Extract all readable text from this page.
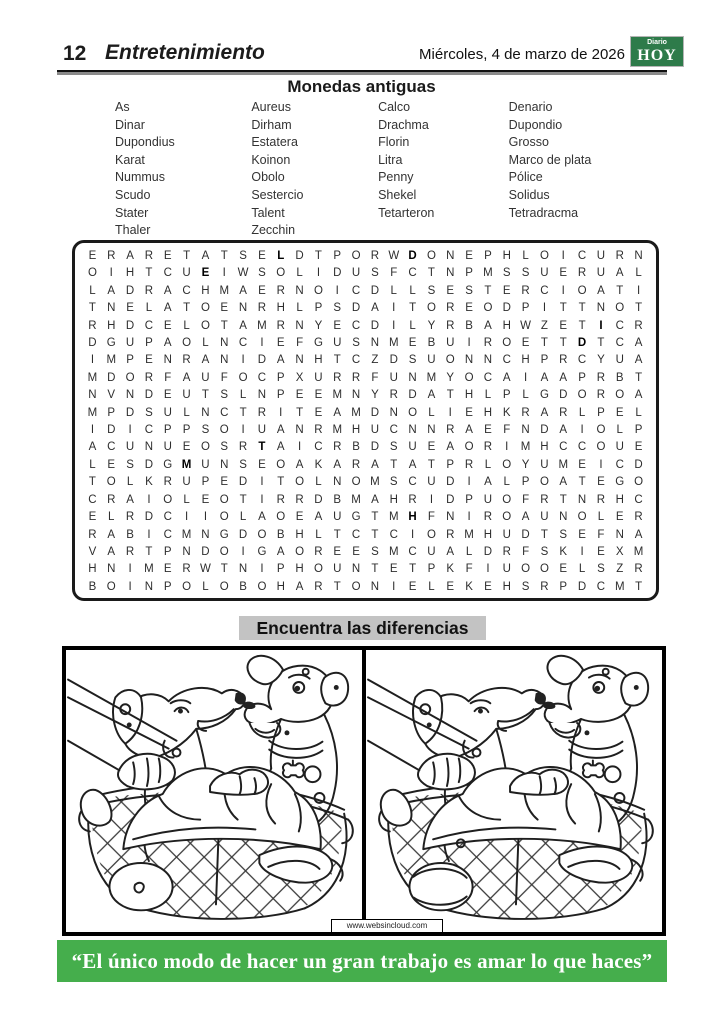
12 Entretenimiento	Miércoles, 4 de marzo de 2026
Diario
HOY
Monedas antiguas
As
Dinar
Dupondius
Karat
Nummus
Scudo
Stater
Thaler
Aureus
Dirham
Estatera
Koinon
Obolo
Sestercio
Talent
Zecchin
Calco
Drachma
Florin
Litra
Penny
Shekel
Tetarteron
Denario
Dupondio
Grosso
Marco de plata
Pólice
Solidus
Tetradracma
E R A R E T A T S E L D T P O R W D O N E P H L O	I	C U R N
O	I	H T C U E	I	W S O L	I	D U S F C T N P M S S U E R U A	L
L	A D R A C H M A E R N O	I	C D L	L	S E S T E R C	I	O A T	I
T N E	L	A T O E N R H L	P S D A	I	T O R E O D P	I	T	T N O T
R H D C E	L O T A M R N Y E C D	I	L	Y R B A H W Z E T	I	C R
D G U P A O L N C	I	E F G U S N M E B U	I	R O E T	T D T C A
I	M P E N R A N	I	D A N H T C Z D S U O N N C H P R C Y U A
M D O R F A U F O C P X U R R F U N M Y O C A	I	A A P R B T
N V N D E U T S	L N P E E M N Y R D A T H L	P	L G D O R O A
M P D S U L N C T R	I	T E A M D N O L	I	E H K R A R L	P E	L
I	D	I	C P P S O	I	U A N R M H U C N N R A E F N D A	I	O L	P
A C U N U E O S R T A	I	C R B D S U E A O R	I	M H C C O U E
L	E S D G M U N S E O A K A R A T A T P R L O Y U M E	I	C D
T O L	K R U P E D	I	T O L N O M S C U D	I	A	L	P O A T E G O
C R A	I	O L	E O T	I	R R D B M A H R	I	D P U O F R T N R H C
E	L R D C	I	I	O L	A O E A U G T M H F N	I	R O A U N O L	E R
R A B	I	C M N G D O B H L	T C T C	I	O R M H U D T S E F N A
V A R T P N D O	I	G A O R E E S M C U A	L D R F S K	I	E X M
H N	I	M E R W T N	I	P H O U N T E T P K F	I	U O O E	L	S Z R
B O	I	N P O L O B O H A R T O N	I	E	L	E K E H S R P D C M T
Encuentra las diferencias
www.websincloud.com
“El único modo de hacer un gran trabajo es amar lo que haces”
